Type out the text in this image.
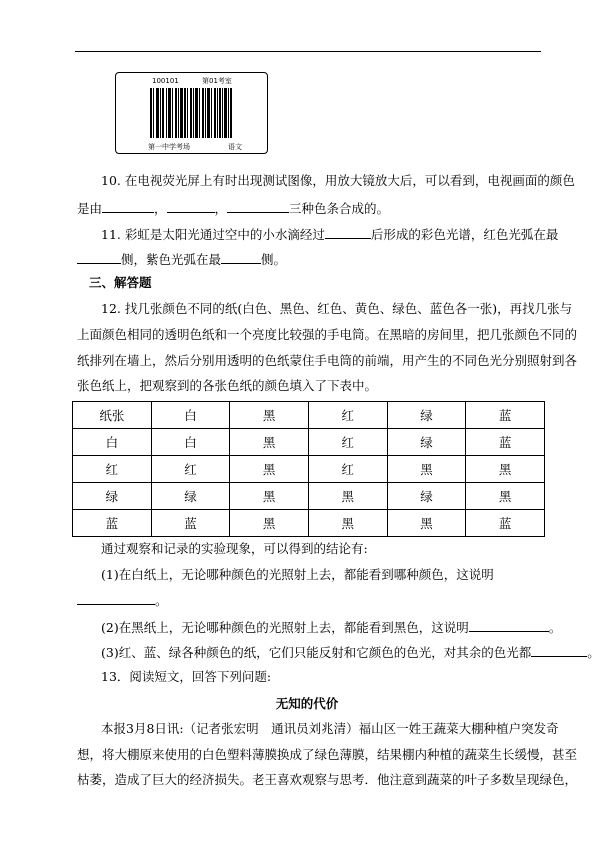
100101	第01考室
第一中学考场	语文
10. 在电视荧光屏上有时出现测试图像，用放大镜放大后，可以看到，电视画面的颜色
是由	，	，	三种色条合成的。
11. 彩虹是太阳光通过空中的小水滴经过	后形成的彩色光谱，红色光弧在最
侧，紫色光弧在最	侧。
三、解答题
12. 找几张颜色不同的纸(白色、黑色、红色、黄色、绿色、蓝色各一张)，再找几张与
上面颜色相同的透明色纸和一个亮度比较强的手电筒。在黑暗的房间里，把几张颜色不同的
纸排列在墙上，然后分别用透明的色纸蒙住手电筒的前端，用产生的不同色光分别照射到各
张色纸上，把观察到的各张色纸的颜色填入了下表中。
纸张	白	黑	红	绿	蓝
白	白	黑	红	绿	蓝
红	红	黑	红	黑	黑
绿	绿	黑	黑	绿	黑
蓝	蓝	黑	黑	黑	蓝
通过观察和记录的实验现象，可以得到的结论有:
(1)在白纸上，无论哪种颜色的光照射上去，都能看到哪种颜色，这说明
。
(2)在黑纸上，无论哪种颜色的光照射上去，都能看到黑色，这说明	。
(3)红、蓝、绿各种颜色的纸，它们只能反射和它颜色的色光，对其余的色光都	。
13．阅读短文，回答下列问题:
无知的代价
本报3月8日讯:（记者张宏明　通讯员刘兆清）福山区一姓王蔬菜大棚种植户突发奇
想，将大棚原来使用的白色塑料薄膜换成了绿色薄膜，结果棚内种植的蔬菜生长缓慢，甚至
枯萎，造成了巨大的经济损失。老王喜欢观察与思考．他注意到蔬菜的叶子多数呈现绿色，
